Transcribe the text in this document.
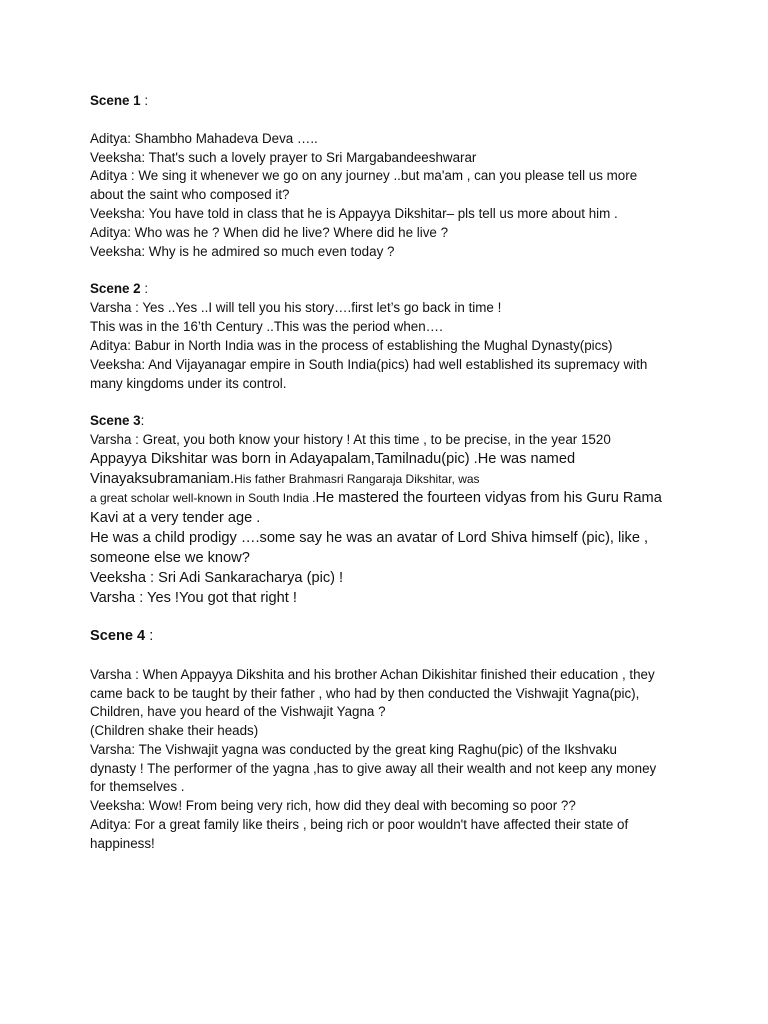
Scene 1 :
Aditya: Shambho Mahadeva Deva …..
Veeksha: That's such a lovely prayer to Sri Margabandeeshwarar
Aditya : We sing it whenever we go on any journey ..but ma'am , can you please tell us more
about the saint who composed it?
Veeksha: You have told in class that he is Appayya Dikshitar– pls tell us more about him .
Aditya: Who was he ? When did he live? Where did he live ?
Veeksha: Why is he admired so much even today ?
Scene 2 :
Varsha : Yes ..Yes ..I will tell you his story….first let’s go back in time !
This was in the 16’th Century ..This was the period when….
Aditya: Babur in North India was in the process of establishing the Mughal Dynasty(pics)
Veeksha: And Vijayanagar empire in South India(pics) had well established its supremacy with
many kingdoms under its control.
Scene 3:
Varsha : Great, you both know your history ! At this time , to be precise, in the year 1520
Appayya Dikshitar was born in Adayapalam,Tamilnadu(pic) .He was named
Vinayaksubramaniam.His father Brahmasri Rangaraja Dikshitar, was
a great scholar well-known in South India .He mastered the fourteen vidyas from his Guru Rama
Kavi at a very tender age .
He was a child prodigy ….some say he was an avatar of Lord Shiva himself (pic), like ,
someone else we know?
Veeksha : Sri Adi Sankaracharya (pic) !
Varsha : Yes !You got that right !
Scene 4 :
Varsha : When Appayya Dikshita and his brother Achan Dikishitar finished their education , they
came back to be taught by their father , who had by then conducted the Vishwajit Yagna(pic),
Children, have you heard of the Vishwajit Yagna ?
(Children shake their heads)
Varsha: The Vishwajit yagna was conducted by the great king Raghu(pic) of the Ikshvaku
dynasty ! The performer of the yagna ,has to give away all their wealth and not keep any money
for themselves .
Veeksha: Wow! From being very rich, how did they deal with becoming so poor ??
Aditya: For a great family like theirs , being rich or poor wouldn't have affected their state of
happiness!
